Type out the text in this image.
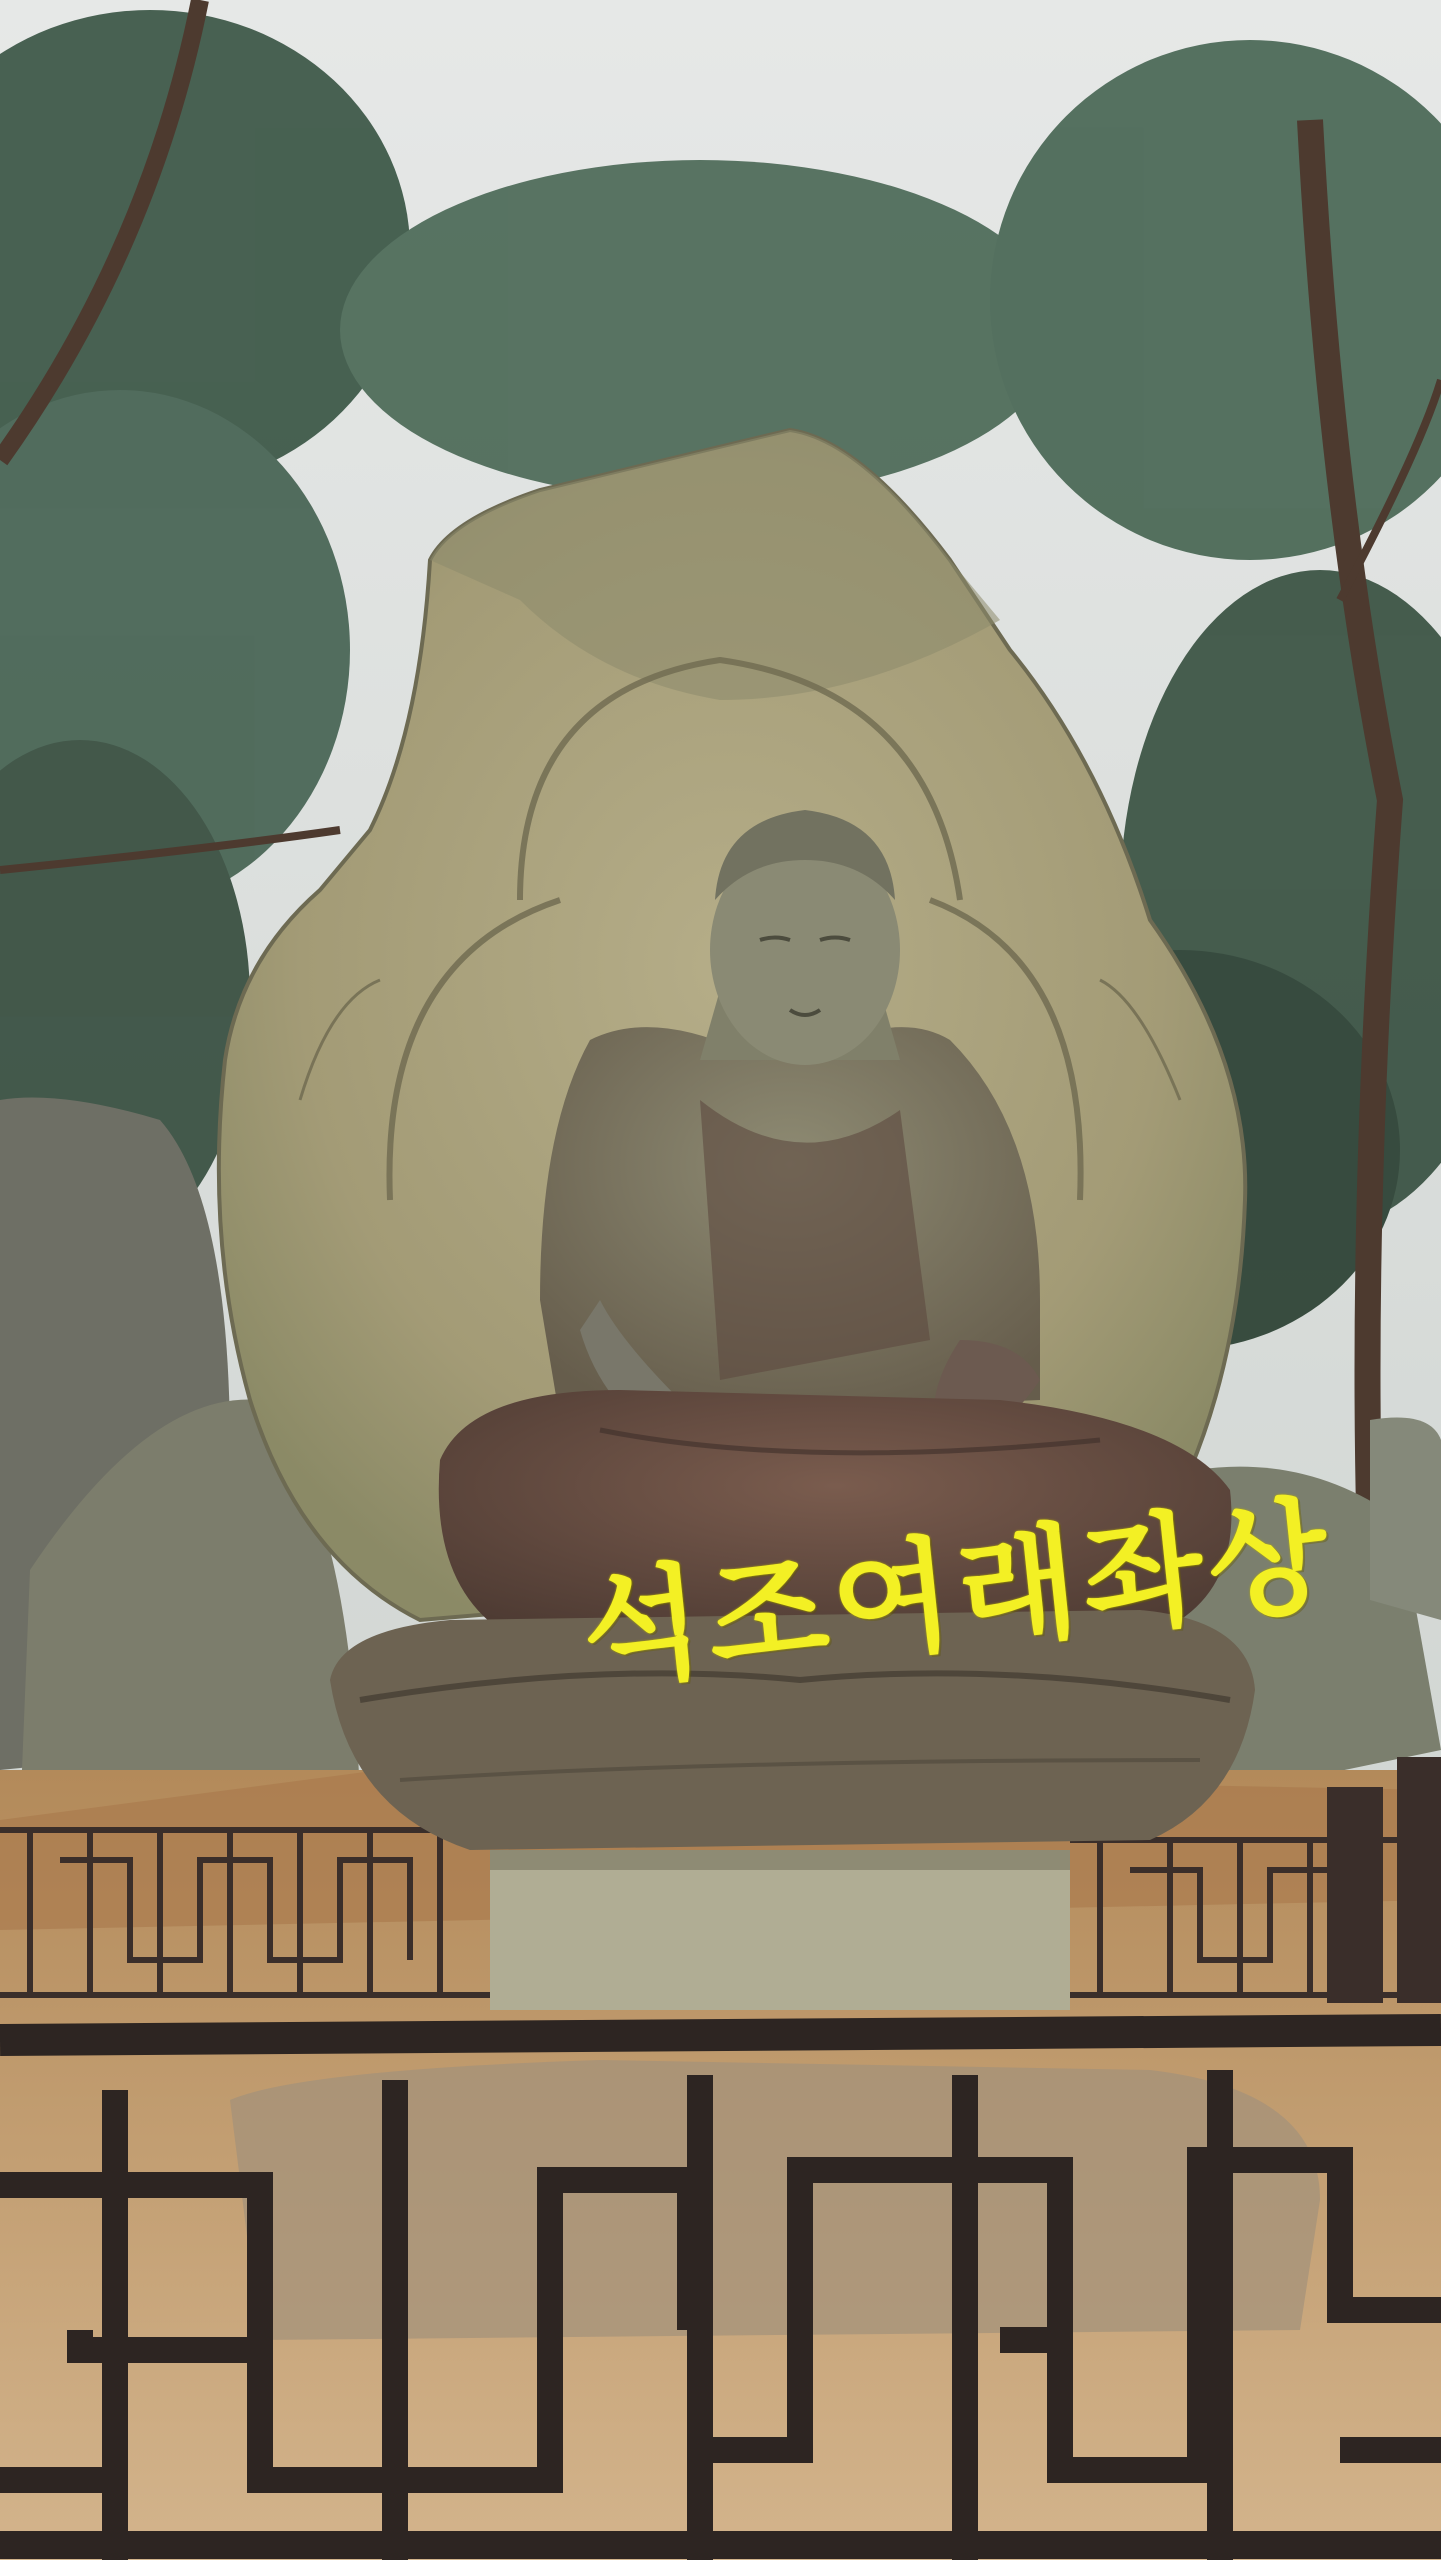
석조여래좌상
